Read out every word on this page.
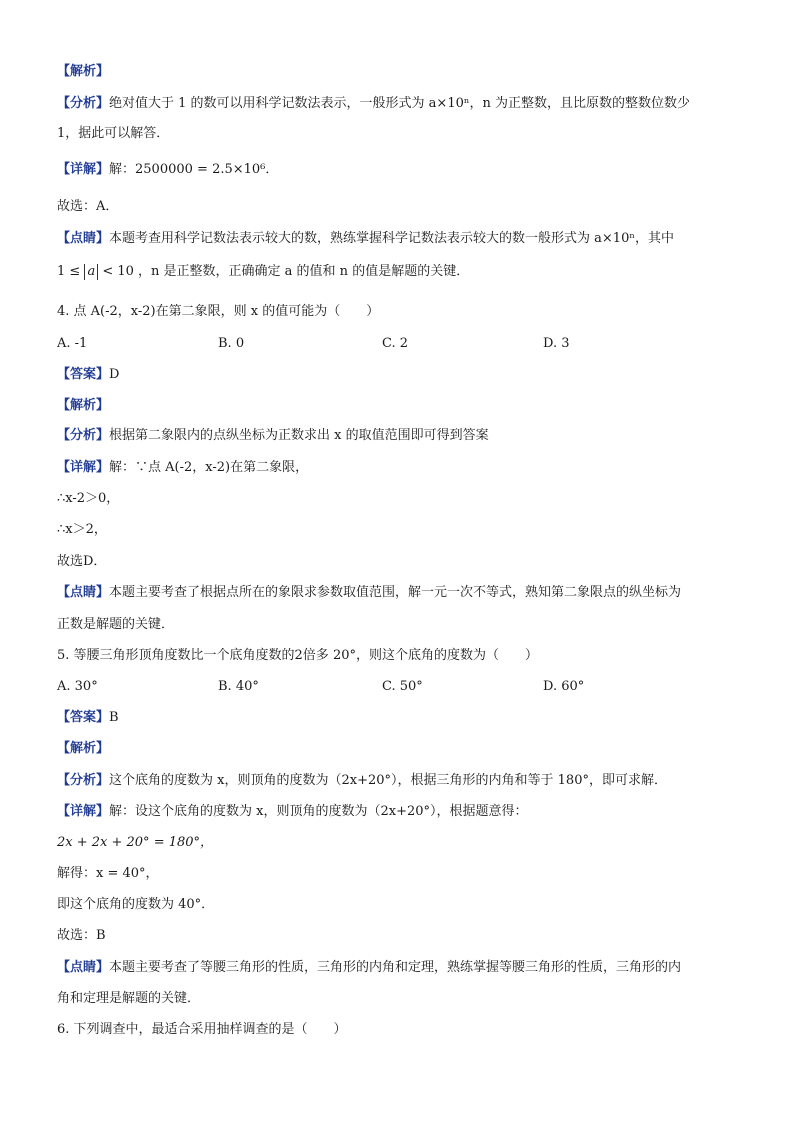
【解析】
【分析】绝对值大于 1 的数可以用科学记数法表示，一般形式为 a×10ⁿ，n 为正整数，且比原数的整数位数少
1，据此可以解答．
【详解】解：2500000 = 2.5×10⁶．
故选：A．
【点睛】本题考查用科学记数法表示较大的数，熟练掌握科学记数法表示较大的数一般形式为 a×10ⁿ，其中
1 ≤ a < 10 ，n 是正整数，正确确定 a 的值和 n 的值是解题的关键．
4. 点 A(-2，x-2)在第二象限，则 x 的值可能为（　　）
A. -1	B. 0	C. 2	D. 3
【答案】D
【解析】
【分析】根据第二象限内的点纵坐标为正数求出 x 的取值范围即可得到答案
【详解】解：∵点 A(-2，x-2)在第二象限，
∴x-2＞0，
∴x＞2，
故选D．
【点睛】本题主要考查了根据点所在的象限求参数取值范围，解一元一次不等式，熟知第二象限点的纵坐标为
正数是解题的关键．
5. 等腰三角形顶角度数比一个底角度数的2倍多 20°，则这个底角的度数为（　　）
A. 30°	B. 40°	C. 50°	D. 60°
【答案】B
【解析】
【分析】这个底角的度数为 x，则顶角的度数为（2x+20°），根据三角形的内角和等于 180°，即可求解．
【详解】解：设这个底角的度数为 x，则顶角的度数为（2x+20°），根据题意得：
2x + 2x + 20° = 180°，
解得：x = 40°，
即这个底角的度数为 40°．
故选：B
【点睛】本题主要考查了等腰三角形的性质，三角形的内角和定理，熟练掌握等腰三角形的性质，三角形的内
角和定理是解题的关键．
6. 下列调查中，最适合采用抽样调查的是（　　）
